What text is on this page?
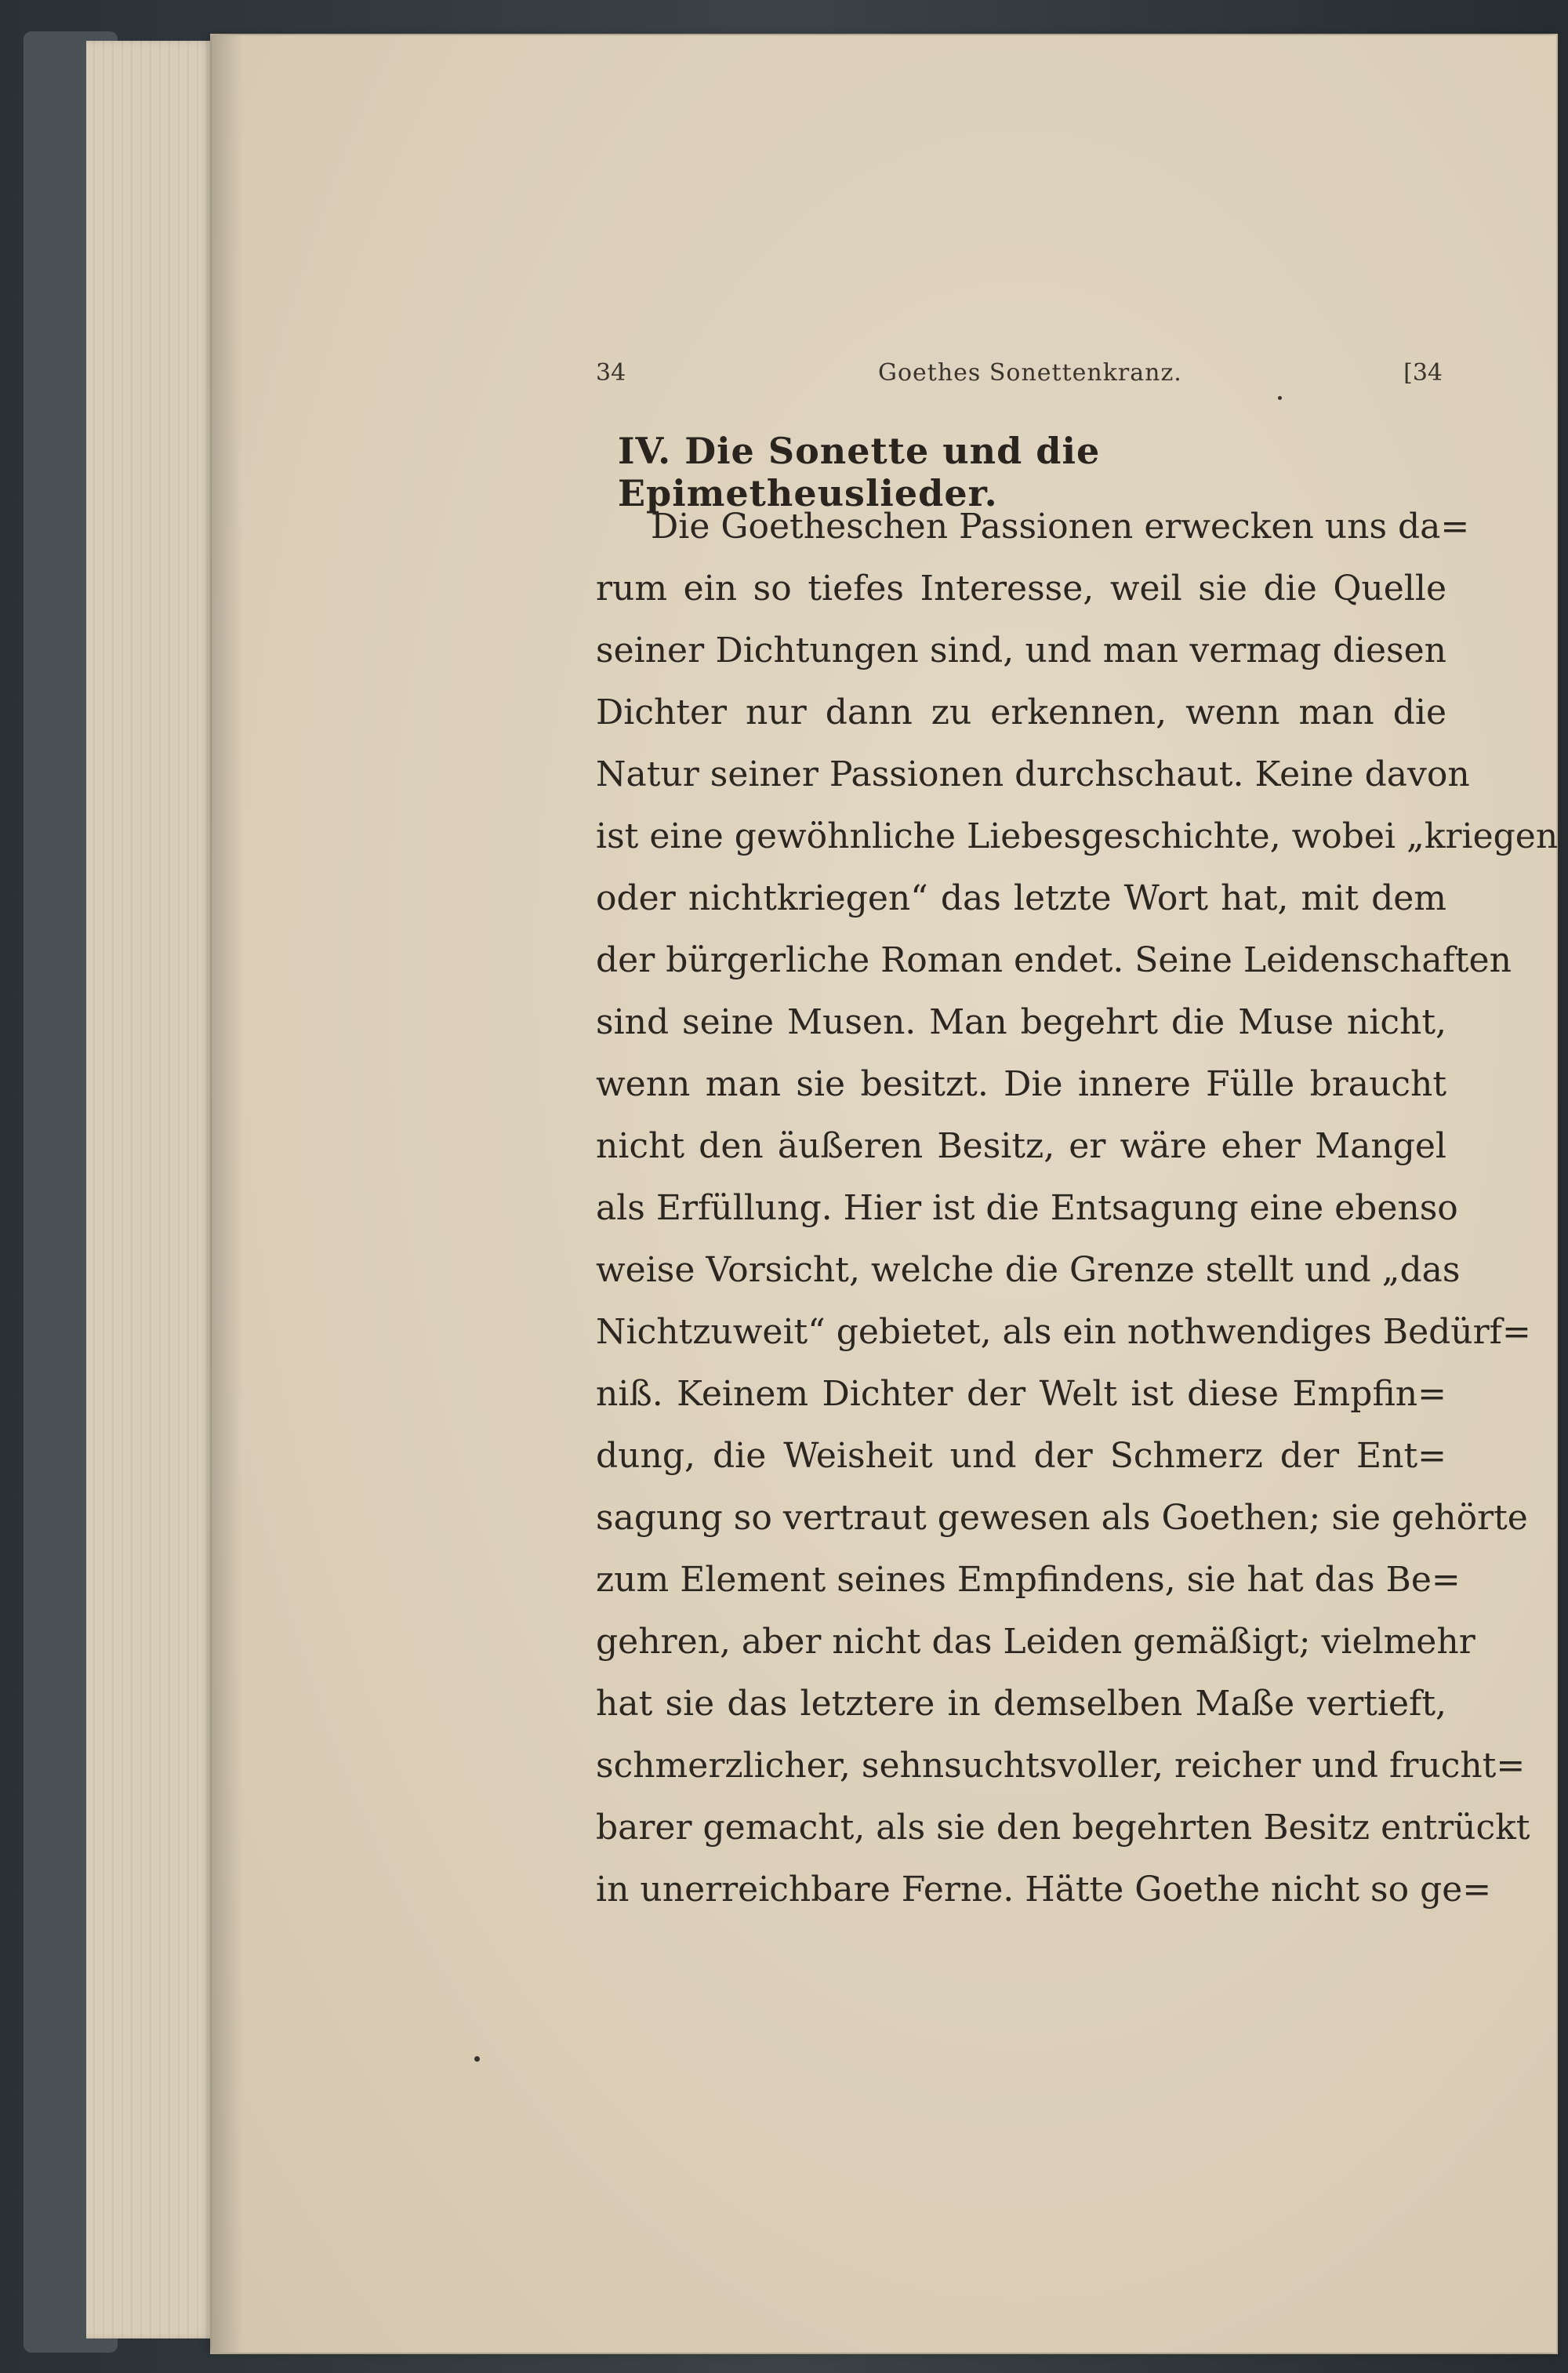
34	Goethes Sonettenkranz.	[34
IV. Die Sonette und die Epimetheuslieder.
Die Goetheschen Passionen erwecken uns da=
rum ein so tiefes Interesse, weil sie die Quelle
seiner Dichtungen sind, und man vermag diesen
Dichter nur dann zu erkennen, wenn man die
Natur seiner Passionen durchschaut. Keine davon
ist eine gewöhnliche Liebesgeschichte, wobei „kriegen
oder nichtkriegen“ das letzte Wort hat, mit dem
der bürgerliche Roman endet. Seine Leidenschaften
sind seine Musen. Man begehrt die Muse nicht,
wenn man sie besitzt. Die innere Fülle braucht
nicht den äußeren Besitz, er wäre eher Mangel
als Erfüllung. Hier ist die Entsagung eine ebenso
weise Vorsicht, welche die Grenze stellt und „das
Nichtzuweit“ gebietet, als ein nothwendiges Bedürf=
niß. Keinem Dichter der Welt ist diese Empfin=
dung, die Weisheit und der Schmerz der Ent=
sagung so vertraut gewesen als Goethen; sie gehörte
zum Element seines Empfindens, sie hat das Be=
gehren, aber nicht das Leiden gemäßigt; vielmehr
hat sie das letztere in demselben Maße vertieft,
schmerzlicher, sehnsuchtsvoller, reicher und frucht=
barer gemacht, als sie den begehrten Besitz entrückt
in unerreichbare Ferne. Hätte Goethe nicht so ge=
